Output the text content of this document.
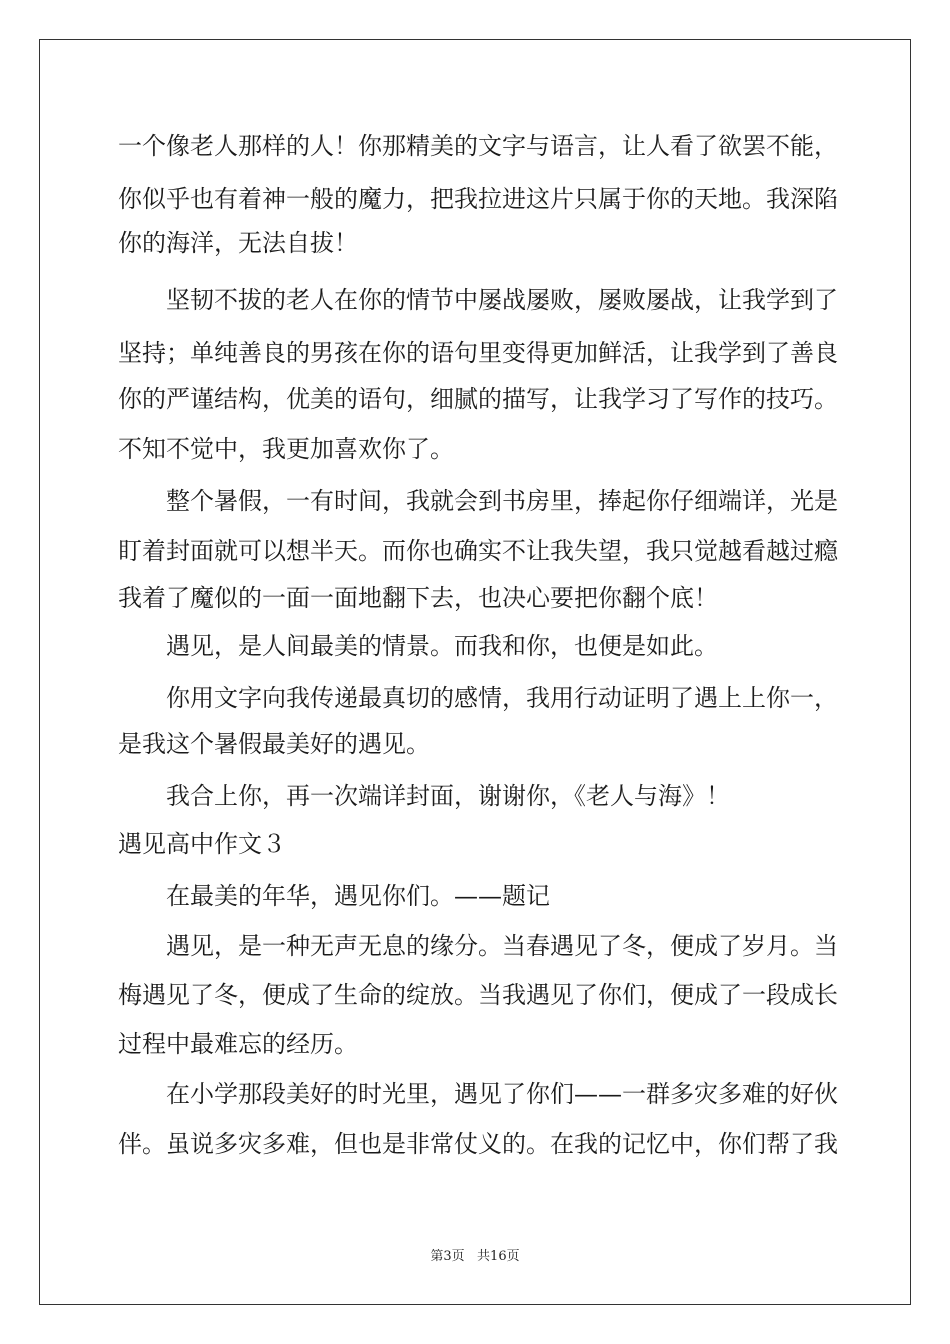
一个像老人那样的人！你那精美的文字与语言，让人看了欲罢不能，
你似乎也有着神一般的魔力，把我拉进这片只属于你的天地。我深陷
你的海洋，无法自拔！
坚韧不拔的老人在你的情节中屡战屡败，屡败屡战，让我学到了
坚持；单纯善良的男孩在你的语句里变得更加鲜活，让我学到了善良
你的严谨结构，优美的语句，细腻的描写，让我学习了写作的技巧。
不知不觉中，我更加喜欢你了。
整个暑假，一有时间，我就会到书房里，捧起你仔细端详，光是
盯着封面就可以想半天。而你也确实不让我失望，我只觉越看越过瘾
我着了魔似的一面一面地翻下去，也决心要把你翻个底！
遇见，是人间最美的情景。而我和你，也便是如此。
你用文字向我传递最真切的感情，我用行动证明了遇上上你一，
是我这个暑假最美好的遇见。
我合上你，再一次端详封面，谢谢你，《老人与海》！
遇见高中作文３
在最美的年华，遇见你们。——题记
遇见，是一种无声无息的缘分。当春遇见了冬，便成了岁月。当
梅遇见了冬，便成了生命的绽放。当我遇见了你们，便成了一段成长
过程中最难忘的经历。
在小学那段美好的时光里，遇见了你们——一群多灾多难的好伙
伴。虽说多灾多难，但也是非常仗义的。在我的记忆中，你们帮了我
第3页   共16页
